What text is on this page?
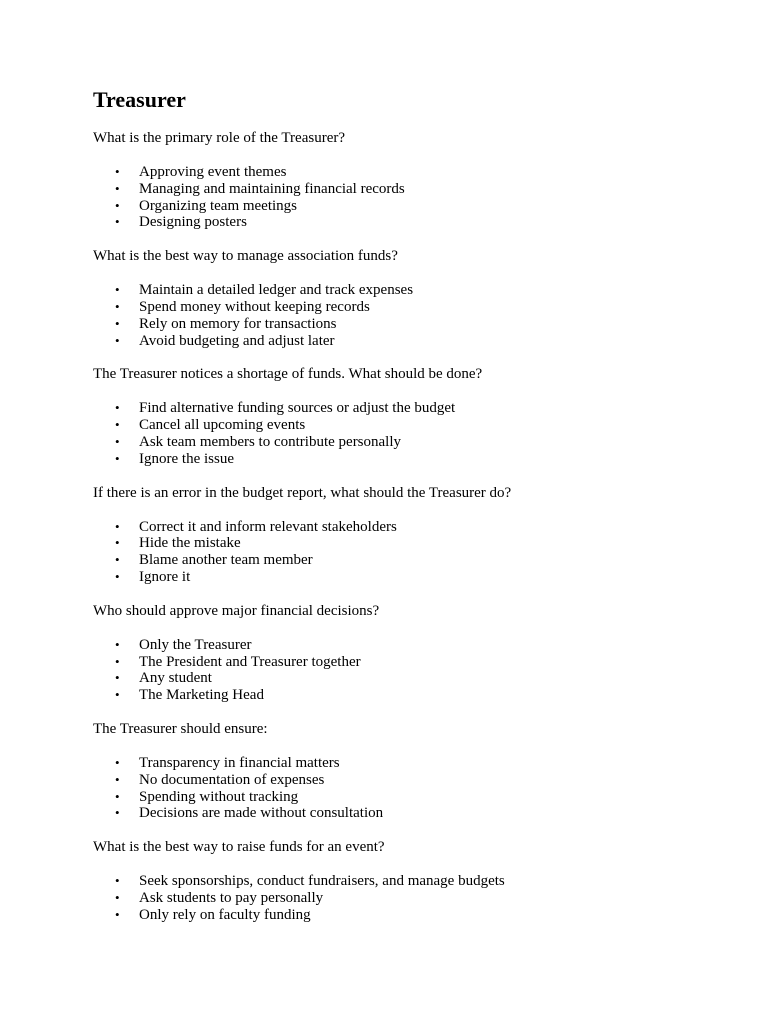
Treasurer

What is the primary role of the Treasurer?

• Approving event themes
• Managing and maintaining financial records
• Organizing team meetings
• Designing posters

What is the best way to manage association funds?

• Maintain a detailed ledger and track expenses
• Spend money without keeping records
• Rely on memory for transactions
• Avoid budgeting and adjust later

The Treasurer notices a shortage of funds. What should be done?

• Find alternative funding sources or adjust the budget
• Cancel all upcoming events
• Ask team members to contribute personally
• Ignore the issue

If there is an error in the budget report, what should the Treasurer do?

• Correct it and inform relevant stakeholders
• Hide the mistake
• Blame another team member
• Ignore it

Who should approve major financial decisions?

• Only the Treasurer
• The President and Treasurer together
• Any student
• The Marketing Head

The Treasurer should ensure:

• Transparency in financial matters
• No documentation of expenses
• Spending without tracking
• Decisions are made without consultation

What is the best way to raise funds for an event?

• Seek sponsorships, conduct fundraisers, and manage budgets
• Ask students to pay personally
• Only rely on faculty funding
